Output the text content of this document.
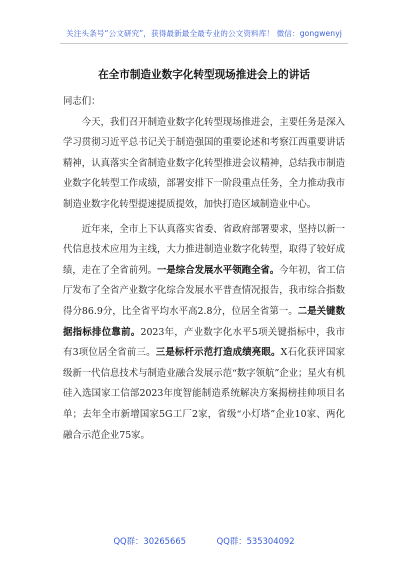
关注头条号“公文研究”，获得最新最全最专业的公文资料库！ 微信：gongwenyj
在全市制造业数字化转型现场推进会上的讲话

同志们：

今天，我们召开制造业数字化转型现场推进会，主要任务是深入学习贯彻习近平总书记关于制造强国的重要论述和考察江西重要讲话精神，认真落实全省制造业数字化转型推进会议精神，总结我市制造业数字化转型工作成绩，部署安排下一阶段重点任务，全力推动我市制造业数字化转型提速提质提效，加快打造区域制造业中心。

近年来，全市上下认真落实省委、省政府部署要求，坚持以新一代信息技术应用为主线，大力推进制造业数字化转型，取得了较好成绩，走在了全省前列。一是综合发展水平领跑全省。今年初，省工信厅发布了全省产业数字化综合发展水平普查情况报告，我市综合指数得分86.9分，比全省平均水平高2.8分，位居全省第一。二是关键数据指标排位靠前。2023年，产业数字化水平5项关键指标中，我市有3项位居全省前三。三是标杆示范打造成绩亮眼。X石化获评国家级新一代信息技术与制造业融合发展示范“数字领航”企业；星火有机硅入选国家工信部2023年度智能制造系统解决方案揭榜挂帅项目名单；去年全市新增国家5G工厂2家，省级“小灯塔”企业10家、两化融合示范企业75家。

QQ群：30265665	QQ群：535304092
